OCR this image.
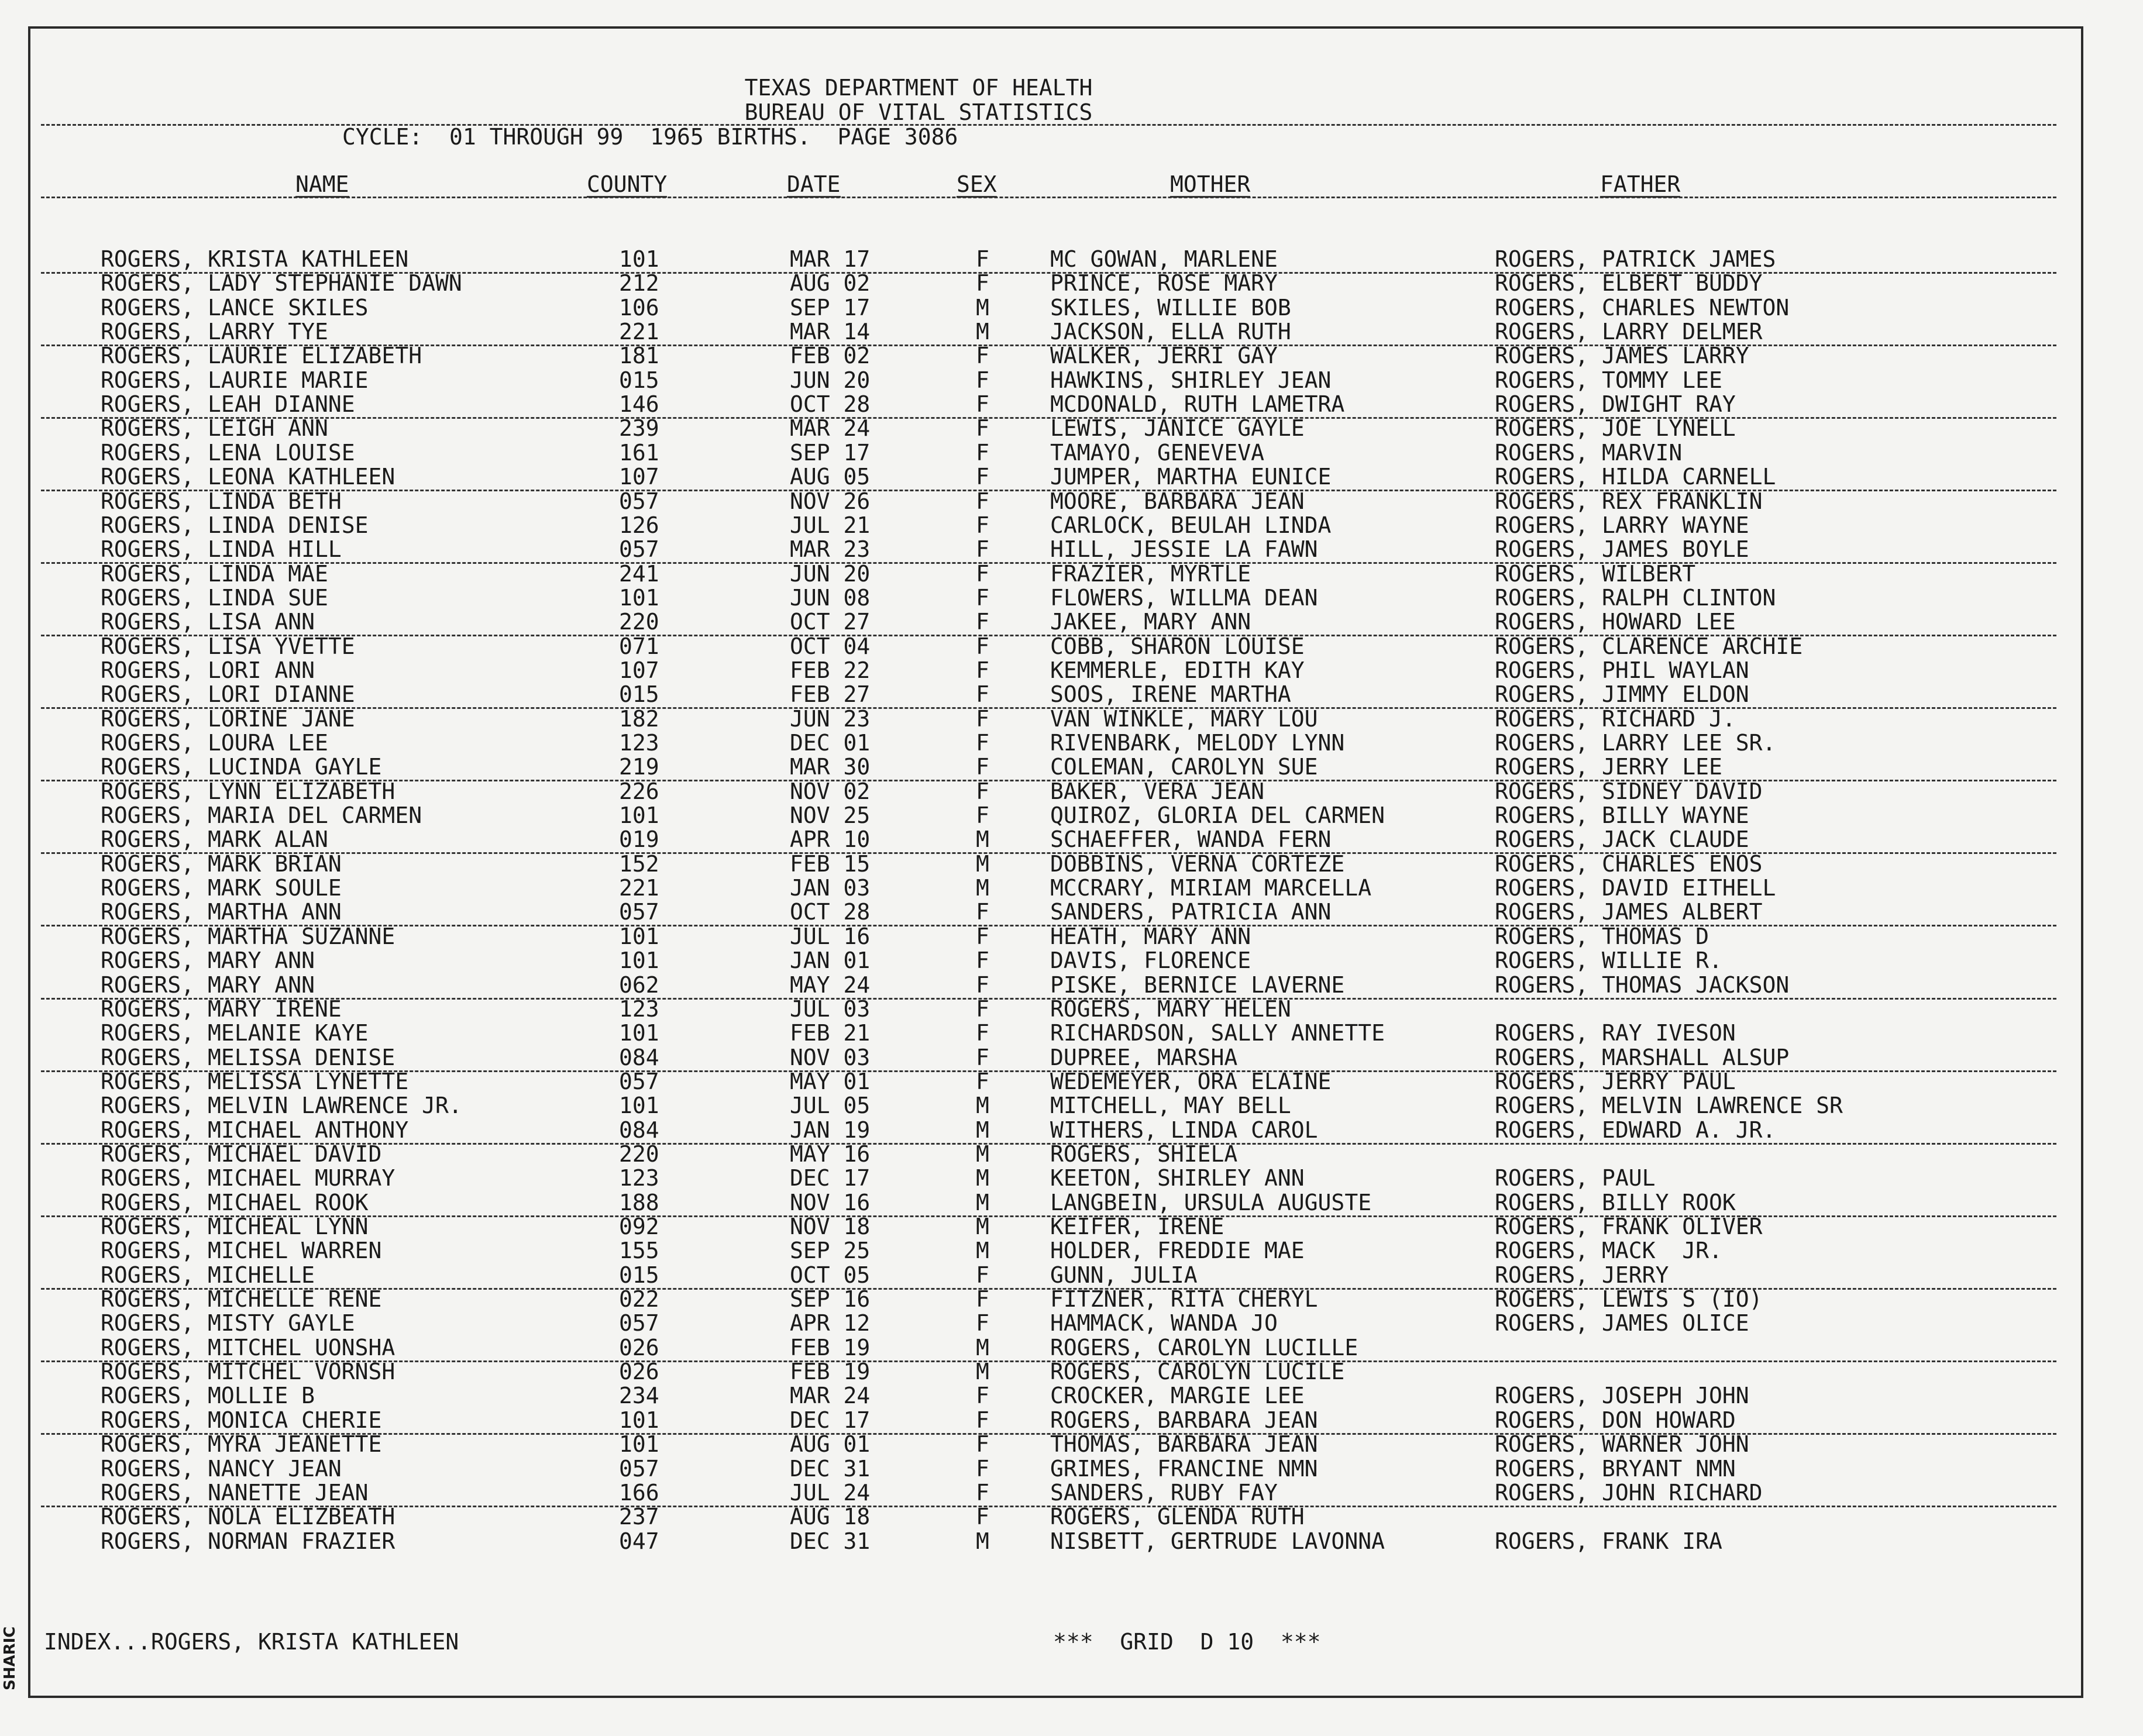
TEXAS DEPARTMENT OF HEALTH
BUREAU OF VITAL STATISTICS
CYCLE:  01 THROUGH 99  1965 BIRTHS.  PAGE 3086
NAME	COUNTY	DATE	SEX	MOTHER	FATHER
ROGERS, KRISTA KATHLEEN	101	MAR 17	F	MC GOWAN, MARLENE	ROGERS, PATRICK JAMES
ROGERS, LADY STEPHANIE DAWN	212	AUG 02	F	PRINCE, ROSE MARY	ROGERS, ELBERT BUDDY
ROGERS, LANCE SKILES	106	SEP 17	M	SKILES, WILLIE BOB	ROGERS, CHARLES NEWTON
ROGERS, LARRY TYE	221	MAR 14	M	JACKSON, ELLA RUTH	ROGERS, LARRY DELMER
ROGERS, LAURIE ELIZABETH	181	FEB 02	F	WALKER, JERRI GAY	ROGERS, JAMES LARRY
ROGERS, LAURIE MARIE	015	JUN 20	F	HAWKINS, SHIRLEY JEAN	ROGERS, TOMMY LEE
ROGERS, LEAH DIANNE	146	OCT 28	F	MCDONALD, RUTH LAMETRA	ROGERS, DWIGHT RAY
ROGERS, LEIGH ANN	239	MAR 24	F	LEWIS, JANICE GAYLE	ROGERS, JOE LYNELL
ROGERS, LENA LOUISE	161	SEP 17	F	TAMAYO, GENEVEVA	ROGERS, MARVIN
ROGERS, LEONA KATHLEEN	107	AUG 05	F	JUMPER, MARTHA EUNICE	ROGERS, HILDA CARNELL
ROGERS, LINDA BETH	057	NOV 26	F	MOORE, BARBARA JEAN	ROGERS, REX FRANKLIN
ROGERS, LINDA DENISE	126	JUL 21	F	CARLOCK, BEULAH LINDA	ROGERS, LARRY WAYNE
ROGERS, LINDA HILL	057	MAR 23	F	HILL, JESSIE LA FAWN	ROGERS, JAMES BOYLE
ROGERS, LINDA MAE	241	JUN 20	F	FRAZIER, MYRTLE	ROGERS, WILBERT
ROGERS, LINDA SUE	101	JUN 08	F	FLOWERS, WILLMA DEAN	ROGERS, RALPH CLINTON
ROGERS, LISA ANN	220	OCT 27	F	JAKEE, MARY ANN	ROGERS, HOWARD LEE
ROGERS, LISA YVETTE	071	OCT 04	F	COBB, SHARON LOUISE	ROGERS, CLARENCE ARCHIE
ROGERS, LORI ANN	107	FEB 22	F	KEMMERLE, EDITH KAY	ROGERS, PHIL WAYLAN
ROGERS, LORI DIANNE	015	FEB 27	F	SOOS, IRENE MARTHA	ROGERS, JIMMY ELDON
ROGERS, LORINE JANE	182	JUN 23	F	VAN WINKLE, MARY LOU	ROGERS, RICHARD J.
ROGERS, LOURA LEE	123	DEC 01	F	RIVENBARK, MELODY LYNN	ROGERS, LARRY LEE SR.
ROGERS, LUCINDA GAYLE	219	MAR 30	F	COLEMAN, CAROLYN SUE	ROGERS, JERRY LEE
ROGERS, LYNN ELIZABETH	226	NOV 02	F	BAKER, VERA JEAN	ROGERS, SIDNEY DAVID
ROGERS, MARIA DEL CARMEN	101	NOV 25	F	QUIROZ, GLORIA DEL CARMEN	ROGERS, BILLY WAYNE
ROGERS, MARK ALAN	019	APR 10	M	SCHAEFFER, WANDA FERN	ROGERS, JACK CLAUDE
ROGERS, MARK BRIAN	152	FEB 15	M	DOBBINS, VERNA CORTEZE	ROGERS, CHARLES ENOS
ROGERS, MARK SOULE	221	JAN 03	M	MCCRARY, MIRIAM MARCELLA	ROGERS, DAVID EITHELL
ROGERS, MARTHA ANN	057	OCT 28	F	SANDERS, PATRICIA ANN	ROGERS, JAMES ALBERT
ROGERS, MARTHA SUZANNE	101	JUL 16	F	HEATH, MARY ANN	ROGERS, THOMAS D
ROGERS, MARY ANN	101	JAN 01	F	DAVIS, FLORENCE	ROGERS, WILLIE R.
ROGERS, MARY ANN	062	MAY 24	F	PISKE, BERNICE LAVERNE	ROGERS, THOMAS JACKSON
ROGERS, MARY IRENE	123	JUL 03	F	ROGERS, MARY HELEN
ROGERS, MELANIE KAYE	101	FEB 21	F	RICHARDSON, SALLY ANNETTE	ROGERS, RAY IVESON
ROGERS, MELISSA DENISE	084	NOV 03	F	DUPREE, MARSHA	ROGERS, MARSHALL ALSUP
ROGERS, MELISSA LYNETTE	057	MAY 01	F	WEDEMEYER, ORA ELAINE	ROGERS, JERRY PAUL
ROGERS, MELVIN LAWRENCE JR.	101	JUL 05	M	MITCHELL, MAY BELL	ROGERS, MELVIN LAWRENCE SR
ROGERS, MICHAEL ANTHONY	084	JAN 19	M	WITHERS, LINDA CAROL	ROGERS, EDWARD A. JR.
ROGERS, MICHAEL DAVID	220	MAY 16	M	ROGERS, SHIELA
ROGERS, MICHAEL MURRAY	123	DEC 17	M	KEETON, SHIRLEY ANN	ROGERS, PAUL
ROGERS, MICHAEL ROOK	188	NOV 16	M	LANGBEIN, URSULA AUGUSTE	ROGERS, BILLY ROOK
ROGERS, MICHEAL LYNN	092	NOV 18	M	KEIFER, IRENE	ROGERS, FRANK OLIVER
ROGERS, MICHEL WARREN	155	SEP 25	M	HOLDER, FREDDIE MAE	ROGERS, MACK  JR.
ROGERS, MICHELLE	015	OCT 05	F	GUNN, JULIA	ROGERS, JERRY
ROGERS, MICHELLE RENE	022	SEP 16	F	FITZNER, RITA CHERYL	ROGERS, LEWIS S (IO)
ROGERS, MISTY GAYLE	057	APR 12	F	HAMMACK, WANDA JO	ROGERS, JAMES OLICE
ROGERS, MITCHEL UONSHA	026	FEB 19	M	ROGERS, CAROLYN LUCILLE
ROGERS, MITCHEL VORNSH	026	FEB 19	M	ROGERS, CAROLYN LUCILE
ROGERS, MOLLIE B	234	MAR 24	F	CROCKER, MARGIE LEE	ROGERS, JOSEPH JOHN
ROGERS, MONICA CHERIE	101	DEC 17	F	ROGERS, BARBARA JEAN	ROGERS, DON HOWARD
ROGERS, MYRA JEANETTE	101	AUG 01	F	THOMAS, BARBARA JEAN	ROGERS, WARNER JOHN
ROGERS, NANCY JEAN	057	DEC 31	F	GRIMES, FRANCINE NMN	ROGERS, BRYANT NMN
ROGERS, NANETTE JEAN	166	JUL 24	F	SANDERS, RUBY FAY	ROGERS, JOHN RICHARD
ROGERS, NOLA ELIZBEATH	237	AUG 18	F	ROGERS, GLENDA RUTH
ROGERS, NORMAN FRAZIER	047	DEC 31	M	NISBETT, GERTRUDE LAVONNA	ROGERS, FRANK IRA
INDEX...ROGERS, KRISTA KATHLEEN	***  GRID  D 10  ***
SHARIC
